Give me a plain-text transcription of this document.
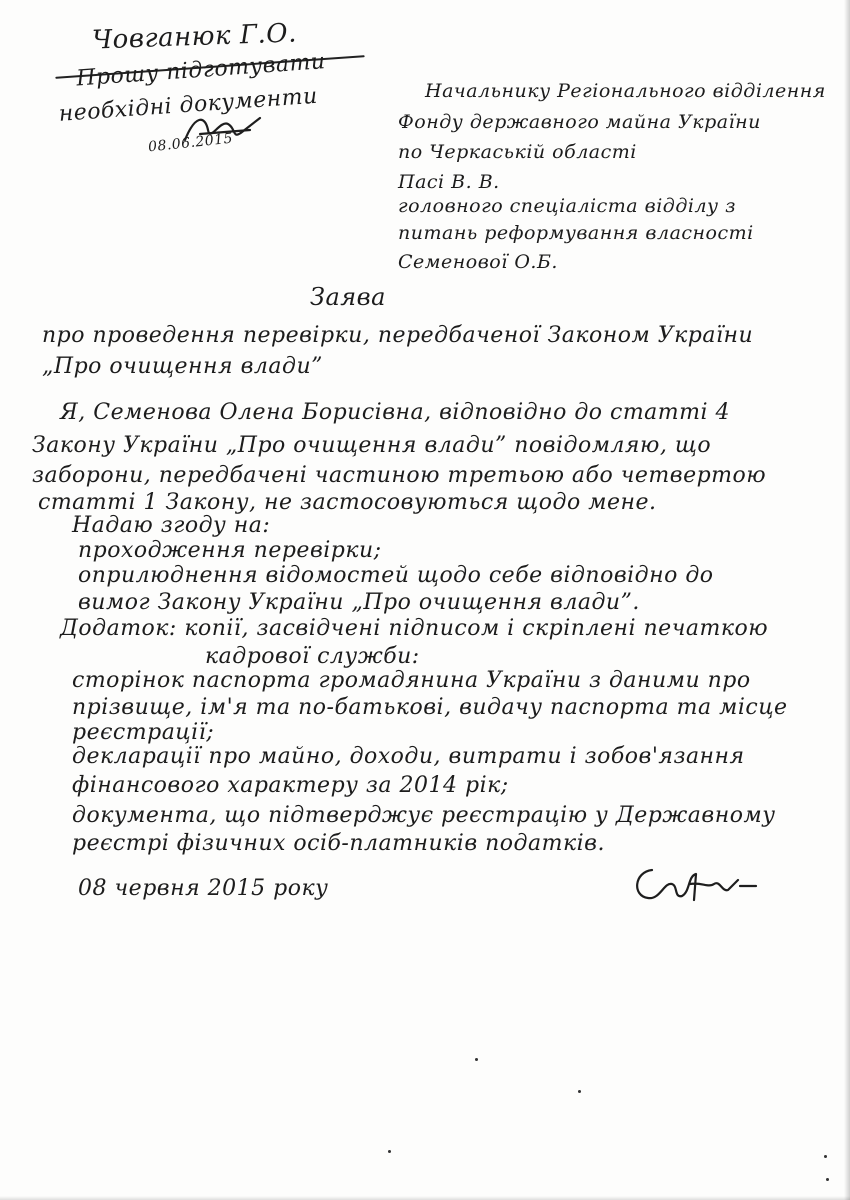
Човганюк Г.О.
Прошу підготувати
необхідні документи
08.06.2015
Начальнику Регіонального відділення
Фонду державного майна України
по Черкаській області
Пасі В. В.
головного спеціаліста відділу з
питань реформування власності
Семенової О.Б.
Заява
про проведення перевірки, передбаченої Законом України
„Про очищення влади”
Я, Семенова Олена Борисівна, відповідно до статті 4
Закону України „Про очищення влади” повідомляю, що
заборони, передбачені частиною третьою або четвертою
статті 1 Закону, не застосовуються щодо мене.
Надаю згоду на:
проходження перевірки;
оприлюднення відомостей щодо себе відповідно до
вимог Закону України „Про очищення влади”.
Додаток: копії, засвідчені підписом і скріплені печаткою
кадрової служби:
сторінок паспорта громадянина України з даними про
прізвище, ім'я та по-батькові, видачу паспорта та місце
реєстрації;
декларації про майно, доходи, витрати і зобов'язання
фінансового характеру за 2014 рік;
документа, що підтверджує реєстрацію у Державному
реєстрі фізичних осіб-платників податків.
08 червня 2015 року
